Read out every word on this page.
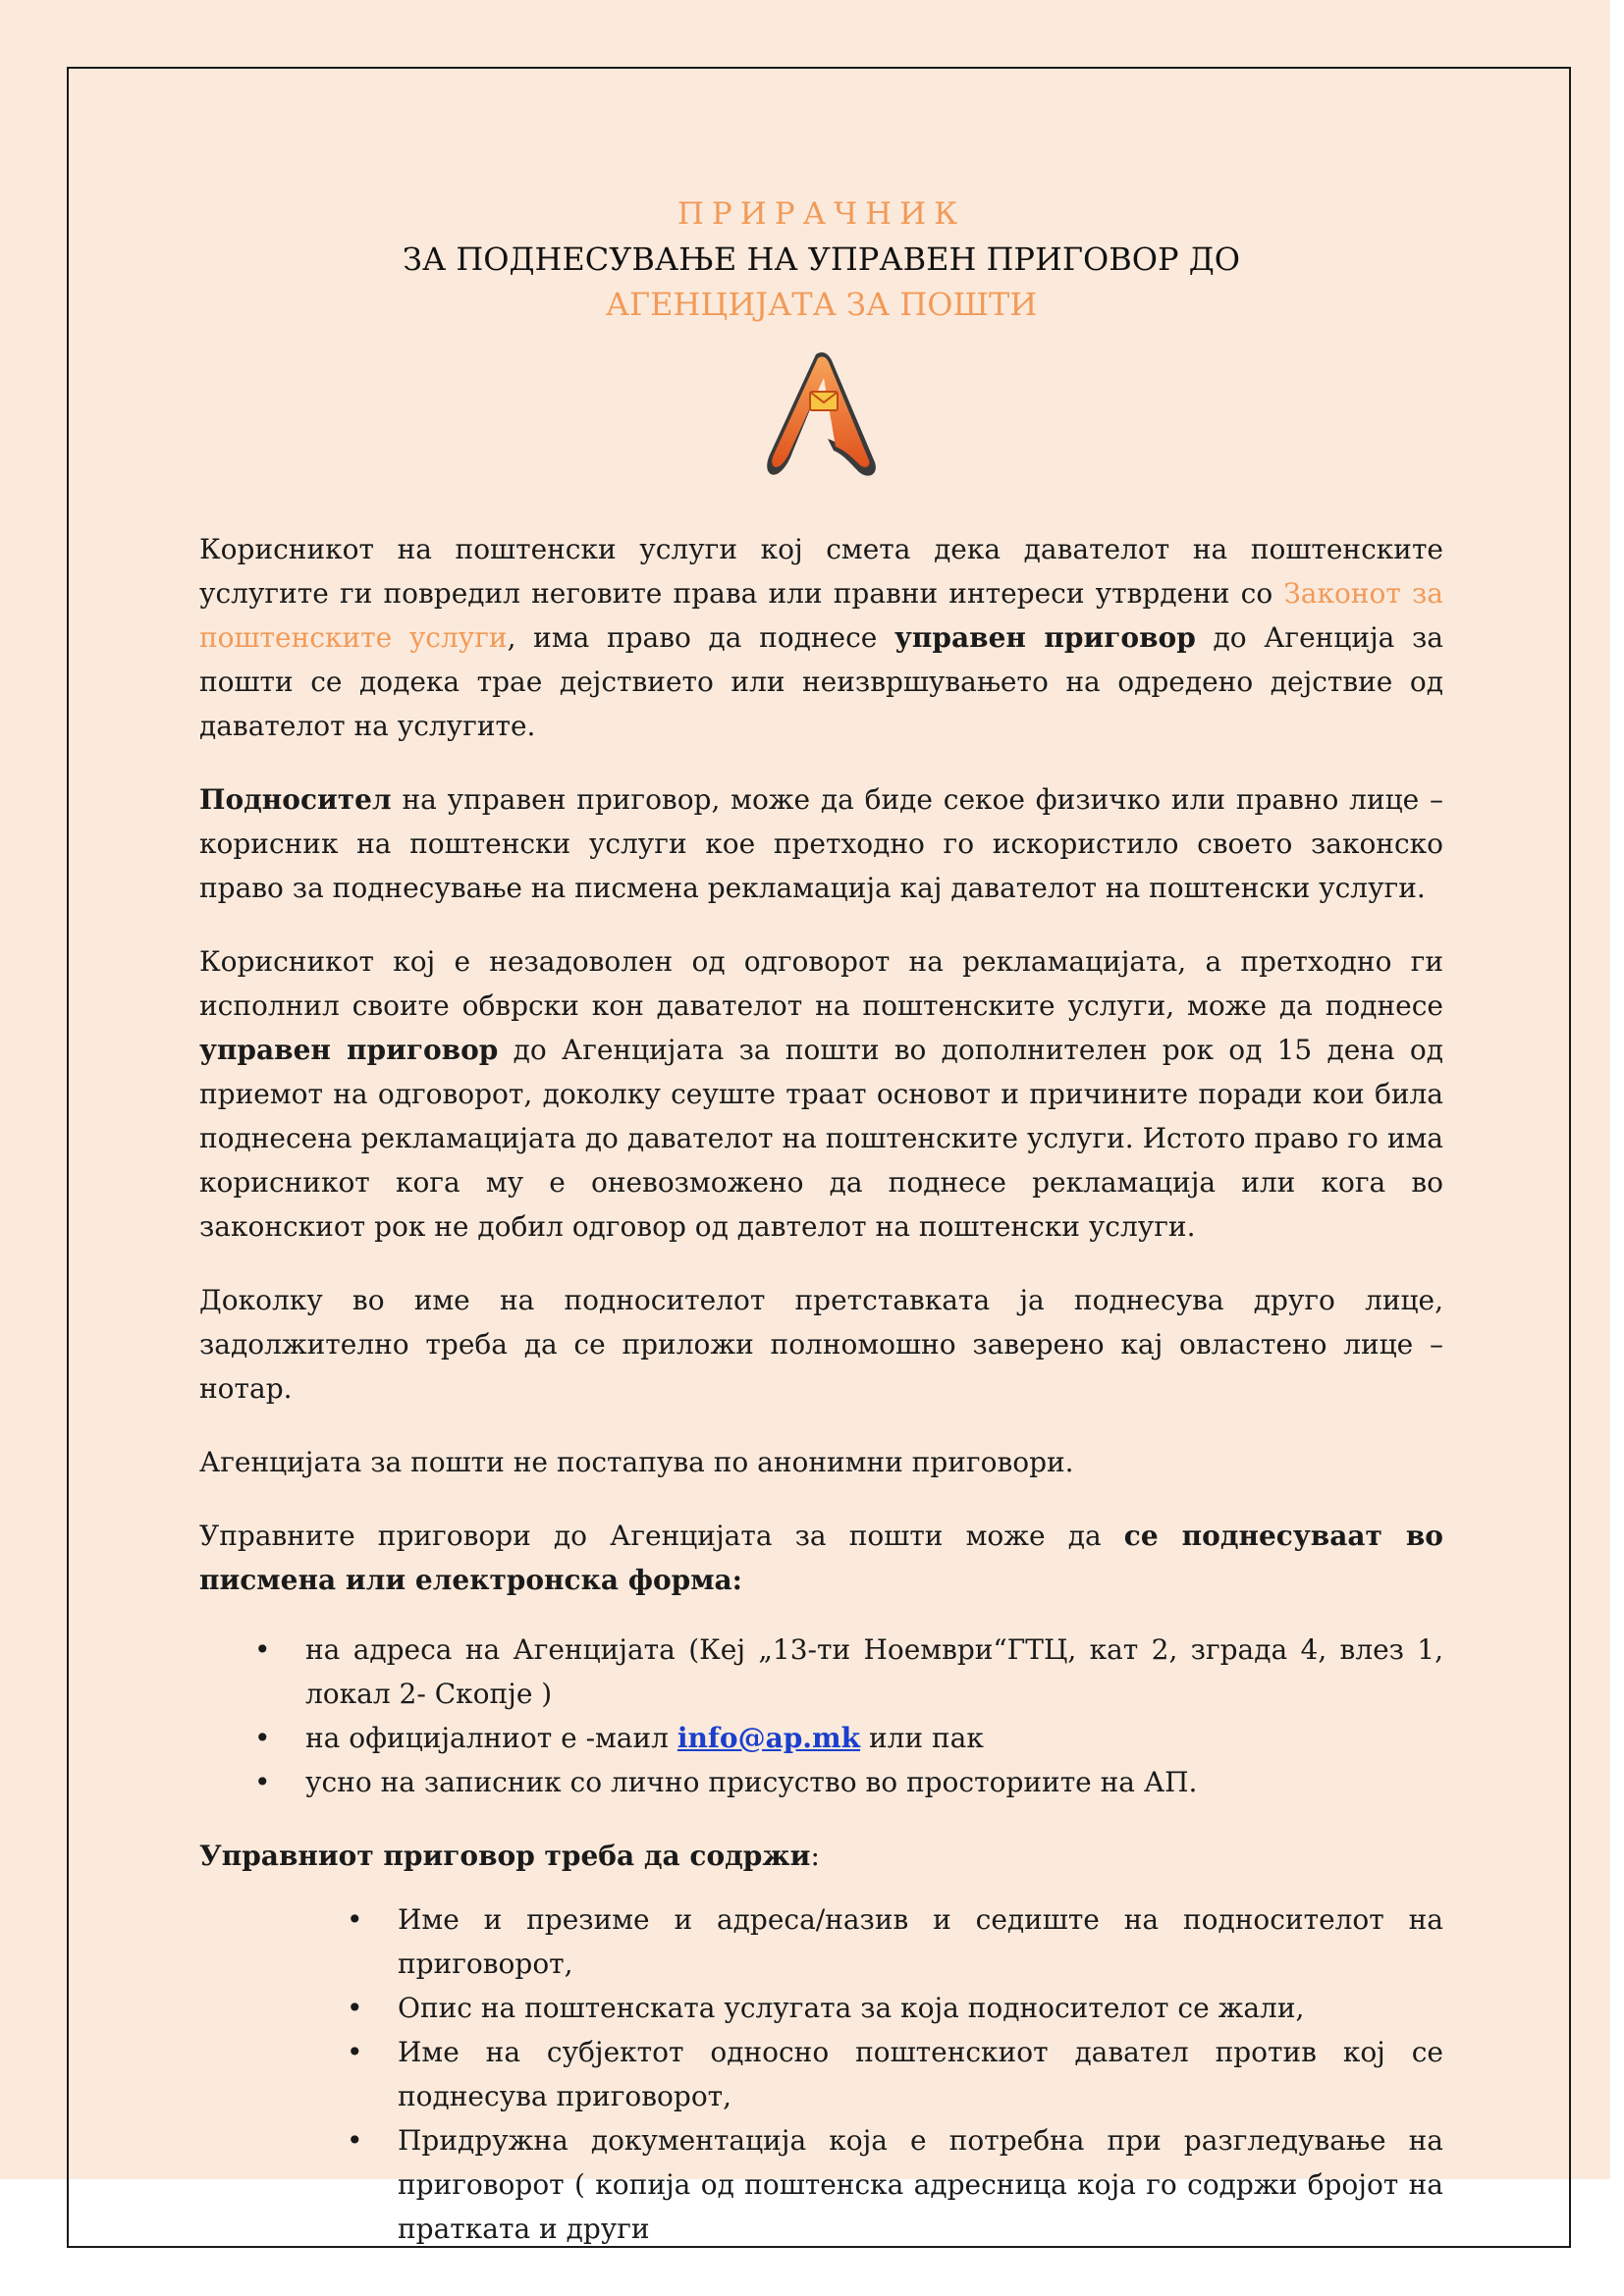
ПРИРАЧНИК
ЗА ПОДНЕСУВАЊЕ НА УПРАВЕН ПРИГОВОР ДО
АГЕНЦИЈАТА ЗА ПОШТИ

Корисникот на поштенски услуги кој смета дека давателот на поштенските услугите ги повредил неговите права или правни интереси утврдени со Законот за поштенските услуги, има право да поднесе управен приговор до Агенција за пошти се додека трае дејствието или неизвршувањето на одредено дејствие од давателот на услугите.

Подносител на управен приговор, може да биде секое физичко или правно лице – корисник на поштенски услуги кое претходно го искористило своето законско право за поднесување на писмена рекламација кај давателот на поштенски услуги.

Корисникот кој е незадоволен од одговорот на рекламацијата, а претходно ги исполнил своите обврски кон давателот на поштенските услуги, може да поднесе управен приговор до Агенцијата за пошти во дополнителен рок од 15 дена од приемот на одговорот, доколку сеуште траат основот и причините поради кои била поднесена рекламацијата до давателот на поштенските услуги. Истото право го има корисникот кога му е оневозможено да поднесе рекламација или кога во законскиот рок не добил одговор од давтелот на поштенски услуги.

Доколку во име на подносителот претставката ја поднесува друго лице, задолжително треба да се приложи полномошно заверено кај овластено лице – нотар.

Агенцијата за пошти не постапува по анонимни приговори.

Управните приговори до Агенцијата за пошти може да се поднесуваат во писмена или електронска форма:

• на адреса на Агенцијата (Кеј „13-ти Ноември“ГТЦ, кат 2, зграда 4, влез 1, локал 2- Скопје )
• на официјалниот е -маил info@ap.mk или пак
• усно на записник со лично присуство во просториите на АП.

Управниот приговор треба да содржи:

• Име и презиме и адреса/назив и седиште на подносителот на приговорот,
• Опис на поштенската услугата за која подносителот се жали,
• Име на субјектот односно поштенскиот давател против кој се поднесува приговорот,
• Придружна документација која е потребна при разгледување на приговорот ( копија од поштенска адресница која го содржи бројот на пратката и други
